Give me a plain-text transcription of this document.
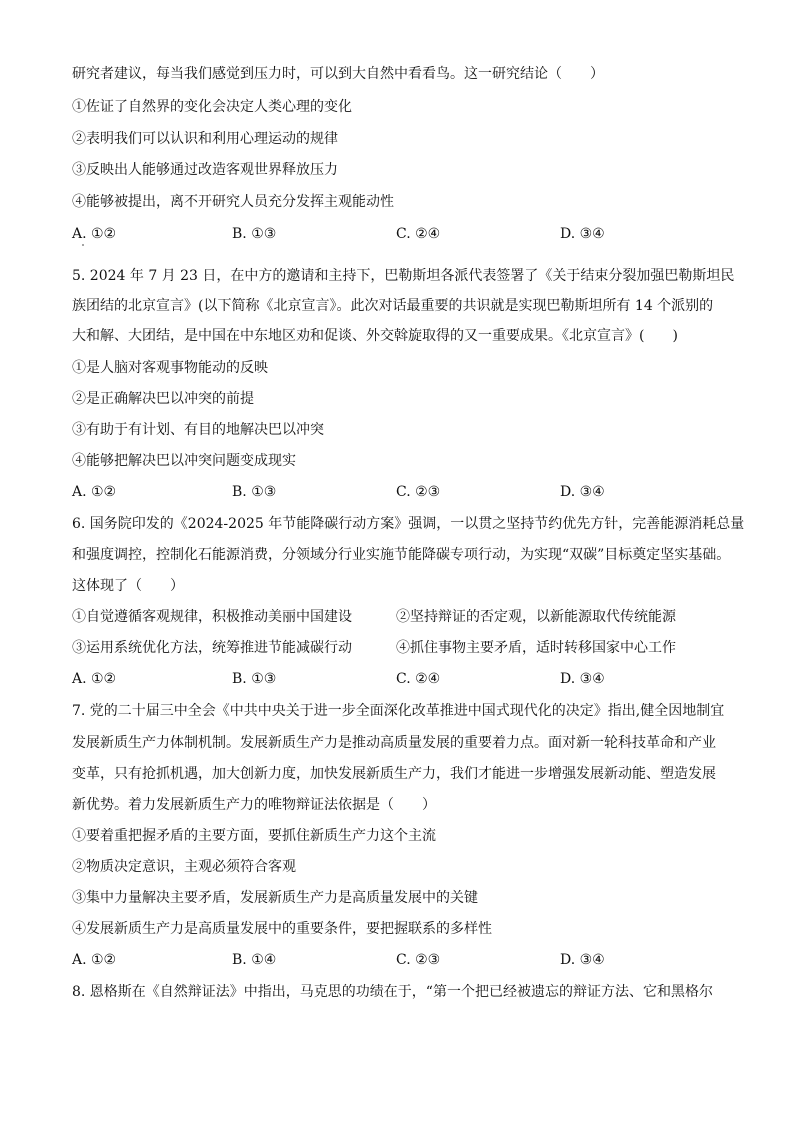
研究者建议，每当我们感觉到压力时，可以到大自然中看看鸟。这一研究结论（　　）
①佐证了自然界的变化会决定人类心理的变化
②表明我们可以认识和利用心理运动的规律
③反映出人能够通过改造客观世界释放压力
④能够被提出，离不开研究人员充分发挥主观能动性
A. ①②	B. ①③	C. ②④	D. ③④
5. 2024 年 7 月 23 日，在中方的邀请和主持下，巴勒斯坦各派代表签署了《关于结束分裂加强巴勒斯坦民
族团结的北京宣言》(以下简称《北京宣言》。此次对话最重要的共识就是实现巴勒斯坦所有 14 个派别的
大和解、大团结，是中国在中东地区劝和促谈、外交斡旋取得的又一重要成果。《北京宣言》(　　)
①是人脑对客观事物能动的反映
②是正确解决巴以冲突的前提
③有助于有计划、有目的地解决巴以冲突
④能够把解决巴以冲突问题变成现实
A. ①②	B. ①③	C. ②③	D. ③④
6. 国务院印发的《2024-2025 年节能降碳行动方案》强调，一以贯之坚持节约优先方针，完善能源消耗总量
和强度调控，控制化石能源消费，分领域分行业实施节能降碳专项行动，为实现“双碳”目标奠定坚实基础。
这体现了（　　）
①自觉遵循客观规律，积极推动美丽中国建设	②坚持辩证的否定观，以新能源取代传统能源
③运用系统优化方法，统筹推进节能减碳行动	④抓住事物主要矛盾，适时转移国家中心工作
A. ①②	B. ①③	C. ②④	D. ③④
7. 党的二十届三中全会《中共中央关于进一步全面深化改革推进中国式现代化的决定》指出,健全因地制宜
发展新质生产力体制机制。发展新质生产力是推动高质量发展的重要着力点。面对新一轮科技革命和产业
变革，只有抢抓机遇，加大创新力度，加快发展新质生产力，我们才能进一步增强发展新动能、塑造发展
新优势。着力发展新质生产力的唯物辩证法依据是（　　）
①要着重把握矛盾的主要方面，要抓住新质生产力这个主流
②物质决定意识，主观必须符合客观
③集中力量解决主要矛盾，发展新质生产力是高质量发展中的关键
④发展新质生产力是高质量发展中的重要条件，要把握联系的多样性
A. ①②	B. ①④	C. ②③	D. ③④
8. 恩格斯在《自然辩证法》中指出，马克思的功绩在于，“第一个把已经被遗忘的辩证方法、它和黑格尔
